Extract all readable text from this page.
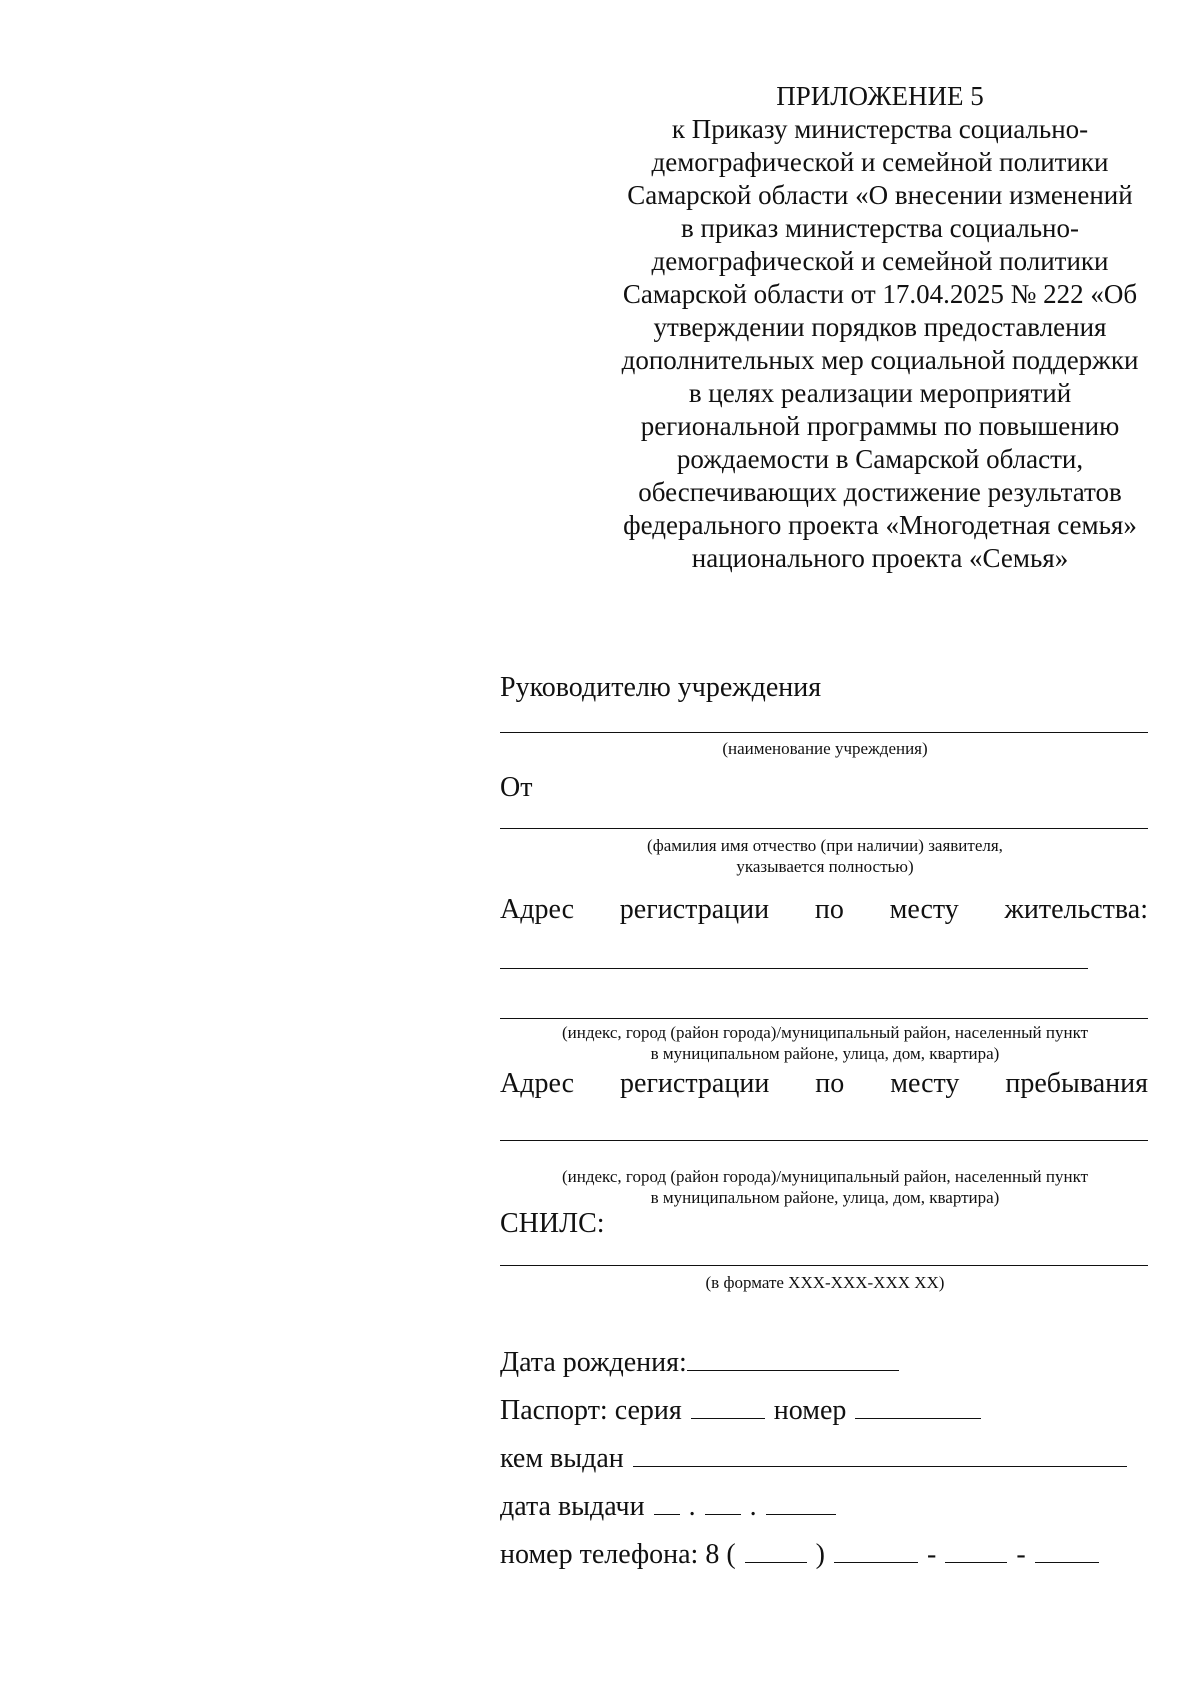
ПРИЛОЖЕНИЕ 5
к Приказу министерства социально-
демографической и семейной политики
Самарской области «О внесении изменений
в приказ министерства социально-
демографической и семейной политики
Самарской области от 17.04.2025 № 222 «Об
утверждении порядков предоставления
дополнительных мер социальной поддержки
в целях реализации мероприятий
региональной программы по повышению
рождаемости в Самарской области,
обеспечивающих достижение результатов
федерального проекта «Многодетная семья»
национального проекта «Семья»
Руководителю учреждения
(наименование учреждения)
От
(фамилия имя отчество (при наличии) заявителя,
указывается полностью)
Адрес регистрации по месту жительства:
(индекс, город (район города)/муниципальный район, населенный пункт
в муниципальном районе, улица, дом, квартира)
Адрес регистрации по месту пребывания
(индекс, город (район города)/муниципальный район, населенный пункт
в муниципальном районе, улица, дом, квартира)
СНИЛС:
(в формате XXX-XXX-XXX XX)
Дата рождения:
Паспорт: серия	номер
кем выдан
дата выдачи . .
номер телефона: 8 (	)	-	-
